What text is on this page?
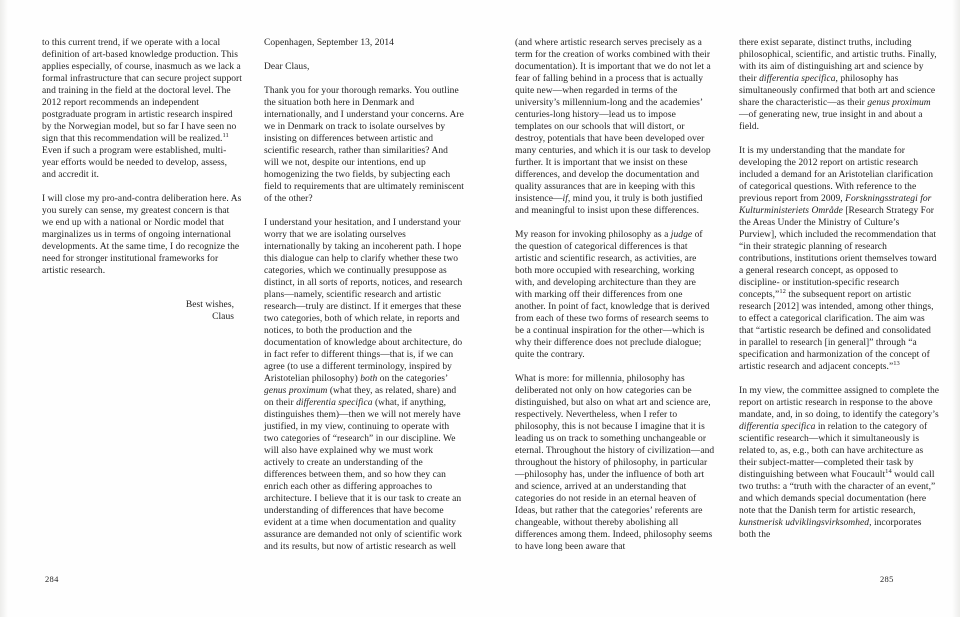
to this current trend, if we operate with a local definition of art-based knowledge production. This applies especially, of course, inasmuch as we lack a formal infrastructure that can secure project support and training in the field at the doctoral level. The 2012 report recommends an independent postgraduate program in artistic research inspired by the Norwegian model, but so far I have seen no sign that this recommendation will be realized.$^{11}$ Even if such a program were established, multi-year efforts would be needed to develop, assess, and accredit it.

I will close my pro-and-contra deliberation here. As you surely can sense, my greatest concern is that we end up with a national or Nordic model that marginalizes us in terms of ongoing international developments. At the same time, I do recognize the need for stronger institutional frameworks for artistic research.

Best wishes,

Claus

Copenhagen, September 13, 2014

Dear Claus,

Thank you for your thorough remarks. You outline the situation both here in Denmark and internationally, and I understand your concerns. Are we in Denmark on track to isolate ourselves by insisting on differences between artistic and scientific research, rather than similarities? And will we not, despite our intentions, end up homogenizing the two fields, by subjecting each field to requirements that are ultimately reminiscent of the other?

I understand your hesitation, and I understand your worry that we are isolating ourselves internationally by taking an incoherent path. I hope this dialogue can help to clarify whether these two categories, which we continually presuppose as distinct, in all sorts of reports, notices, and research plans—namely, scientific research and artistic research—truly are distinct. If it emerges that these two categories, both of which relate, in reports and notices, to both the production and the documentation of knowledge about architecture, do in fact refer to different things—that is, if we can agree (to use a different terminology, inspired by Aristotelian philosophy) both on the categories’ genus proximum (what they, as related, share) and on their differentia specifica (what, if anything, distinguishes them)—then we will not merely have justified, in my view, continuing to operate with two categories of “research” in our discipline. We will also have explained why we must work actively to create an understanding of the differences between them, and so how they can enrich each other as differing approaches to architecture. I believe that it is our task to create an understanding of differences that have become evident at a time when documentation and quality assurance are demanded not only of scientific work and its results, but now of artistic research as well

(and where artistic research serves precisely as a term for the creation of works combined with their documentation). It is important that we do not let a fear of falling behind in a process that is actually quite new—when regarded in terms of the university’s millennium-long and the academies’ centuries-long history—lead us to impose templates on our schools that will distort, or destroy, potentials that have been developed over many centuries, and which it is our task to develop further. It is important that we insist on these differences, and develop the documentation and quality assurances that are in keeping with this insistence—if, mind you, it truly is both justified and meaningful to insist upon these differences.

My reason for invoking philosophy as a judge of the question of categorical differences is that artistic and scientific research, as activities, are both more occupied with researching, working with, and developing architecture than they are with marking off their differences from one another. In point of fact, knowledge that is derived from each of these two forms of research seems to be a continual inspiration for the other—which is why their difference does not preclude dialogue; quite the contrary.

What is more: for millennia, philosophy has deliberated not only on how categories can be distinguished, but also on what art and science are, respectively. Nevertheless, when I refer to philosophy, this is not because I imagine that it is leading us on track to something unchangeable or eternal. Throughout the history of civilization—and throughout the history of philosophy, in particular—philosophy has, under the influence of both art and science, arrived at an understanding that categories do not reside in an eternal heaven of Ideas, but rather that the categories’ referents are changeable, without thereby abolishing all differences among them. Indeed, philosophy seems to have long been aware that

there exist separate, distinct truths, including philosophical, scientific, and artistic truths. Finally, with its aim of distinguishing art and science by their differentia specifica, philosophy has simultaneously confirmed that both art and science share the characteristic—as their genus proximum—of generating new, true insight in and about a field.

It is my understanding that the mandate for developing the 2012 report on artistic research included a demand for an Aristotelian clarification of categorical questions. With reference to the previous report from 2009, Forskningsstrategi for Kulturministeriets Område [Research Strategy For the Areas Under the Ministry of Culture’s Purview], which included the recommendation that “in their strategic planning of research contributions, institutions orient themselves toward a general research concept, as opposed to discipline- or institution-specific research concepts,”$^{12}$ the subsequent report on artistic research [2012] was intended, among other things, to effect a categorical clarification. The aim was that “artistic research be defined and consolidated in parallel to research [in general]” through “a specification and harmonization of the concept of artistic research and adjacent concepts.”$^{13}$

In my view, the committee assigned to complete the report on artistic research in response to the above mandate, and, in so doing, to identify the category’s differentia specifica in relation to the category of scientific research—which it simultaneously is related to, as, e.g., both can have architecture as their subject-matter—completed their task by distinguishing between what Foucault$^{14}$ would call two truths: a “truth with the character of an event,” and which demands special documentation (here note that the Danish term for artistic research, kunstnerisk udviklingsvirksomhed, incorporates both the

284	285
